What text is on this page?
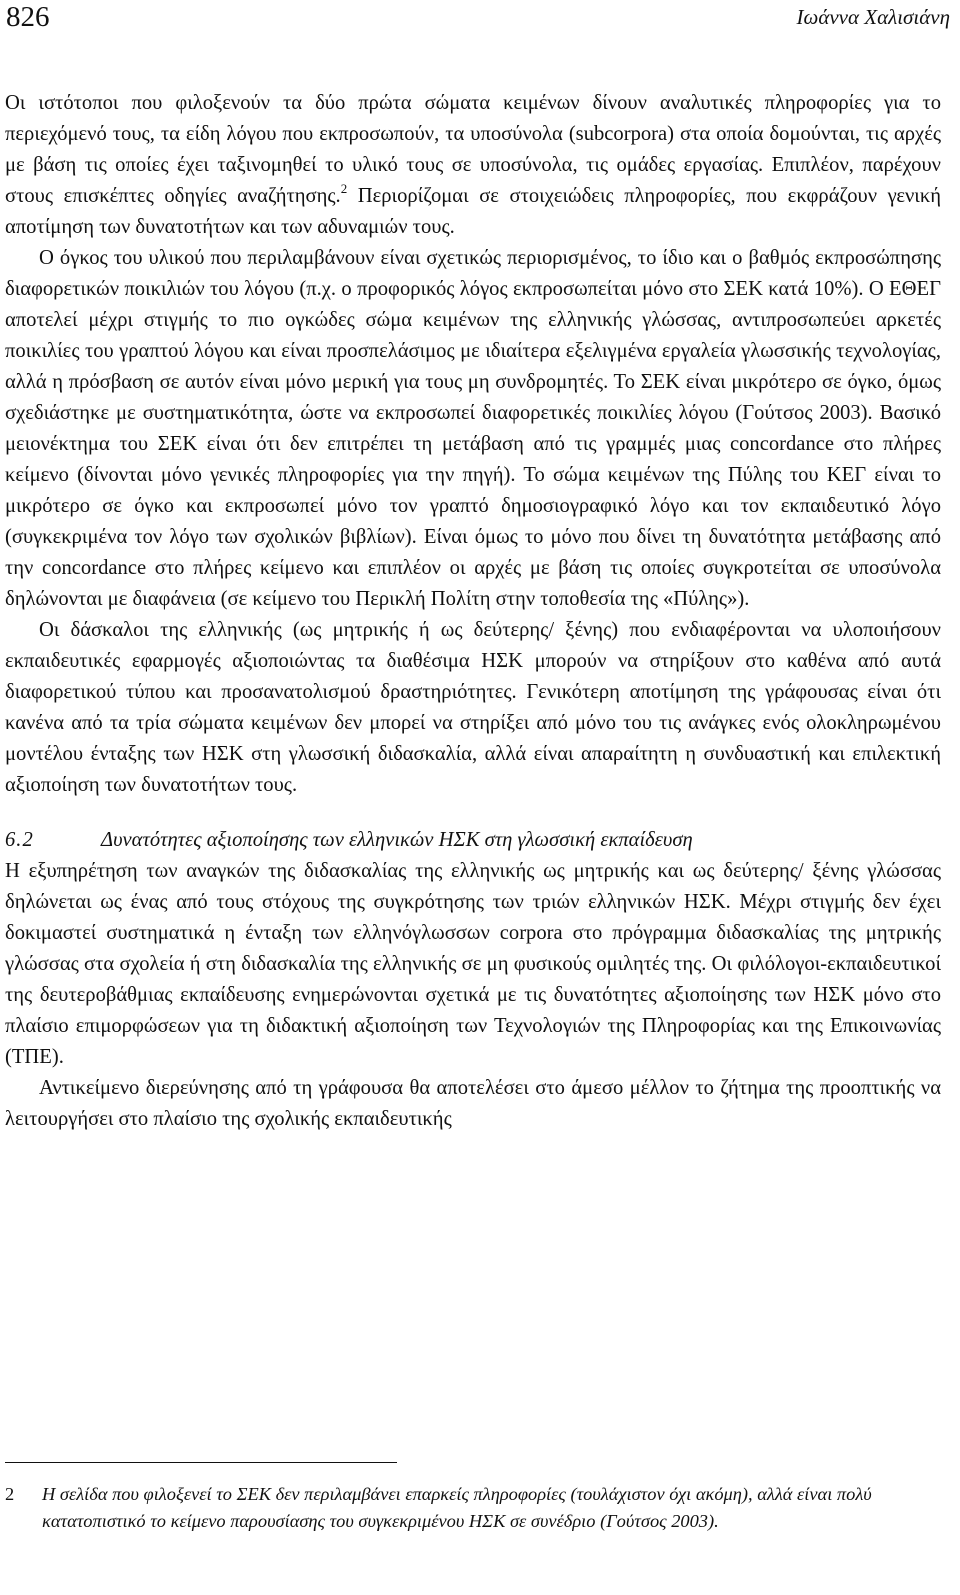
826	Ιωάννα Χαλισιάνη

Οι ιστότοποι που φιλοξενούν τα δύο πρώτα σώματα κειμένων δίνουν αναλυτικές πληροφορίες για το περιεχόμενό τους, τα είδη λόγου που εκπροσωπούν, τα υποσύνολα (subcorpora) στα οποία δομούνται, τις αρχές με βάση τις οποίες έχει ταξινομηθεί το υλικό τους σε υποσύνολα, τις ομάδες εργασίας. Επιπλέον, παρέχουν στους επισκέπτες οδηγίες αναζήτησης.$^2$ Περιορίζομαι σε στοιχειώδεις πληροφορίες, που εκφράζουν γενική αποτίμηση των δυνατοτήτων και των αδυναμιών τους.

Ο όγκος του υλικού που περιλαμβάνουν είναι σχετικώς περιορισμένος, το ίδιο και ο βαθμός εκπροσώπησης διαφορετικών ποικιλιών του λόγου (π.χ. ο προφορικός λόγος εκπροσωπείται μόνο στο ΣΕΚ κατά 10%). Ο ΕΘΕΓ αποτελεί μέχρι στιγμής το πιο ογκώδες σώμα κειμένων της ελληνικής γλώσσας, αντιπροσωπεύει αρκετές ποικιλίες του γραπτού λόγου και είναι προσπελάσιμος με ιδιαίτερα εξελιγμένα εργαλεία γλωσσικής τεχνολογίας, αλλά η πρόσβαση σε αυτόν είναι μόνο μερική για τους μη συνδρομητές. Το ΣΕΚ είναι μικρότερο σε όγκο, όμως σχεδιάστηκε με συστηματικότητα, ώστε να εκπροσωπεί διαφορετικές ποικιλίες λόγου (Γούτσος 2003). Βασικό μειονέκτημα του ΣΕΚ είναι ότι δεν επιτρέπει τη μετάβαση από τις γραμμές μιας concordance στο πλήρες κείμενο (δίνονται μόνο γενικές πληροφορίες για την πηγή). Το σώμα κειμένων της Πύλης του ΚΕΓ είναι το μικρότερο σε όγκο και εκπροσωπεί μόνο τον γραπτό δημοσιογραφικό λόγο και τον εκπαιδευτικό λόγο (συγκεκριμένα τον λόγο των σχολικών βιβλίων). Είναι όμως το μόνο που δίνει τη δυνατότητα μετάβασης από την concordance στο πλήρες κείμενο και επιπλέον οι αρχές με βάση τις οποίες συγκροτείται σε υποσύνολα δηλώνονται με διαφάνεια (σε κείμενο του Περικλή Πολίτη στην τοποθεσία της «Πύλης»).

Οι δάσκαλοι της ελληνικής (ως μητρικής ή ως δεύτερης/ ξένης) που ενδιαφέρονται να υλοποιήσουν εκπαιδευτικές εφαρμογές αξιοποιώντας τα διαθέσιμα ΗΣΚ μπορούν να στηρίξουν στο καθένα από αυτά διαφορετικού τύπου και προσανατολισμού δραστηριότητες. Γενικότερη αποτίμηση της γράφουσας είναι ότι κανένα από τα τρία σώματα κειμένων δεν μπορεί να στηρίξει από μόνο του τις ανάγκες ενός ολοκληρωμένου μοντέλου ένταξης των ΗΣΚ στη γλωσσική διδασκαλία, αλλά είναι απαραίτητη η συνδυαστική και επιλεκτική αξιοποίηση των δυνατοτήτων τους.

6.2	Δυνατότητες αξιοποίησης των ελληνικών ΗΣΚ στη γλωσσική εκπαίδευση

Η εξυπηρέτηση των αναγκών της διδασκαλίας της ελληνικής ως μητρικής και ως δεύτερης/ ξένης γλώσσας δηλώνεται ως ένας από τους στόχους της συγκρότησης των τριών ελληνικών ΗΣΚ. Μέχρι στιγμής δεν έχει δοκιμαστεί συστηματικά η ένταξη των ελληνόγλωσσων corpora στο πρόγραμμα διδασκαλίας της μητρικής γλώσσας στα σχολεία ή στη διδασκαλία της ελληνικής σε μη φυσικούς ομιλητές της. Οι φιλόλογοι-εκπαιδευτικοί της δευτεροβάθμιας εκπαίδευσης ενημερώνονται σχετικά με τις δυνατότητες αξιοποίησης των ΗΣΚ μόνο στο πλαίσιο επιμορφώσεων για τη διδακτική αξιοποίηση των Τεχνολογιών της Πληροφορίας και της Επικοινωνίας (ΤΠΕ).

Αντικείμενο διερεύνησης από τη γράφουσα θα αποτελέσει στο άμεσο μέλλον το ζήτημα της προοπτικής να λειτουργήσει στο πλαίσιο της σχολικής εκπαιδευτικής

2	Η σελίδα που φιλοξενεί το ΣΕΚ δεν περιλαμβάνει επαρκείς πληροφορίες (τουλάχιστον όχι ακόμη), αλλά είναι πολύ κατατοπιστικό το κείμενο παρουσίασης του συγκεκριμένου ΗΣΚ σε συνέδριο (Γούτσος 2003).
